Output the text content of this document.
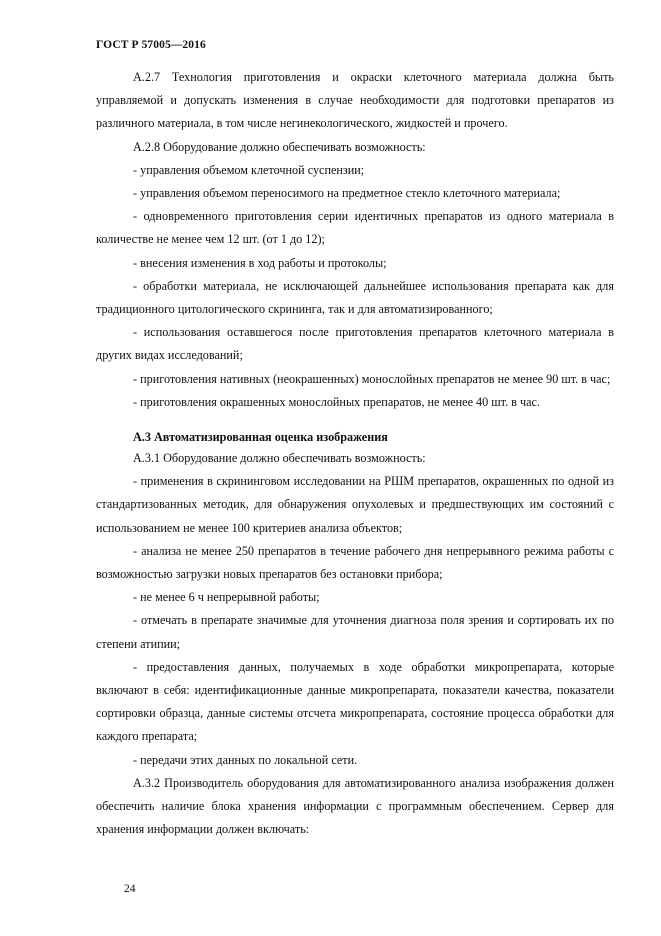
ГОСТ Р 57005—2016

А.2.7 Технология приготовления и окраски клеточного материала должна быть управляемой и допускать изменения в случае необходимости для подготовки препаратов из различного материала, в том числе негинекологического, жидкостей и прочего.

А.2.8 Оборудование должно обеспечивать возможность:

- управления объемом клеточной суспензии;

- управления объемом переносимого на предметное стекло клеточного материала;

- одновременного приготовления серии идентичных препаратов из одного материала в количестве не менее чем 12 шт. (от 1 до 12);

- внесения изменения в ход работы и протоколы;

- обработки материала, не исключающей дальнейшее использования препарата как для традиционного цитологического скрининга, так и для автоматизированного;

- использования оставшегося после приготовления препаратов клеточного материала в других видах исследований;

- приготовления нативных (неокрашенных) монослойных препаратов не менее 90 шт. в час;

- приготовления окрашенных монослойных препаратов, не менее 40 шт. в час.

А.3 Автоматизированная оценка изображения

А.3.1 Оборудование должно обеспечивать возможность:

- применения в скрининговом исследовании на РШМ препаратов, окрашенных по одной из стандартизованных методик, для обнаружения опухолевых и предшествующих им состояний с использованием не менее 100 критериев анализа объектов;

- анализа не менее 250 препаратов в течение рабочего дня непрерывного режима работы с возможностью загрузки новых препаратов без остановки прибора;

- не менее 6 ч непрерывной работы;

- отмечать в препарате значимые для уточнения диагноза поля зрения и сортировать их по степени атипии;

- предоставления данных, получаемых в ходе обработки микропрепарата, которые включают в себя: идентификационные данные микропрепарата, показатели качества, показатели сортировки образца, данные системы отсчета микропрепарата, состояние процесса обработки для каждого препарата;

- передачи этих данных по локальной сети.

А.3.2 Производитель оборудования для автоматизированного анализа изображения должен обеспечить наличие блока хранения информации с программным обеспечением. Сервер для хранения информации должен включать:

24
